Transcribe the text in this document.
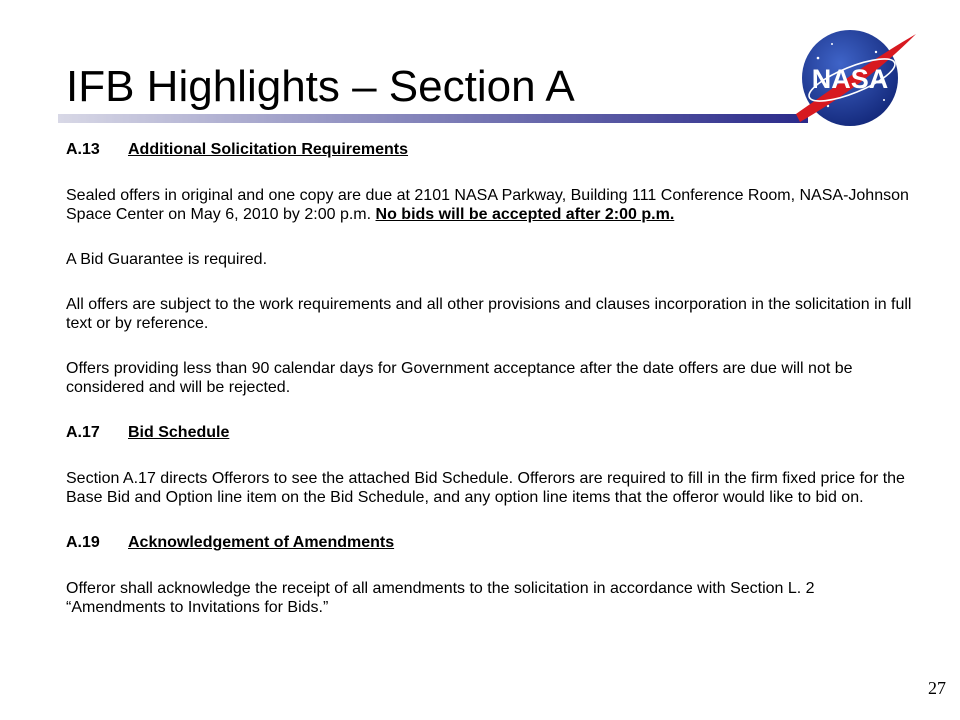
IFB Highlights – Section A	NASA
A.13	Additional Solicitation Requirements

Sealed offers in original and one copy are due at 2101 NASA Parkway, Building 111 Conference Room, NASA-Johnson Space Center on May 6, 2010 by 2:00 p.m. No bids will be accepted after 2:00 p.m.

A Bid Guarantee is required.

All offers are subject to the work requirements and all other provisions and clauses incorporation in the solicitation in full text or by reference.

Offers providing less than 90 calendar days for Government acceptance after the date offers are due will not be considered and will be rejected.

A.17	Bid Schedule

Section A.17 directs Offerors to see the attached Bid Schedule. Offerors are required to fill in the firm fixed price for the Base Bid and Option line item on the Bid Schedule, and any option line items that the offeror would like to bid on.

A.19	Acknowledgement of Amendments

Offeror shall acknowledge the receipt of all amendments to the solicitation in accordance with Section L. 2 “Amendments to Invitations for Bids.”

27
